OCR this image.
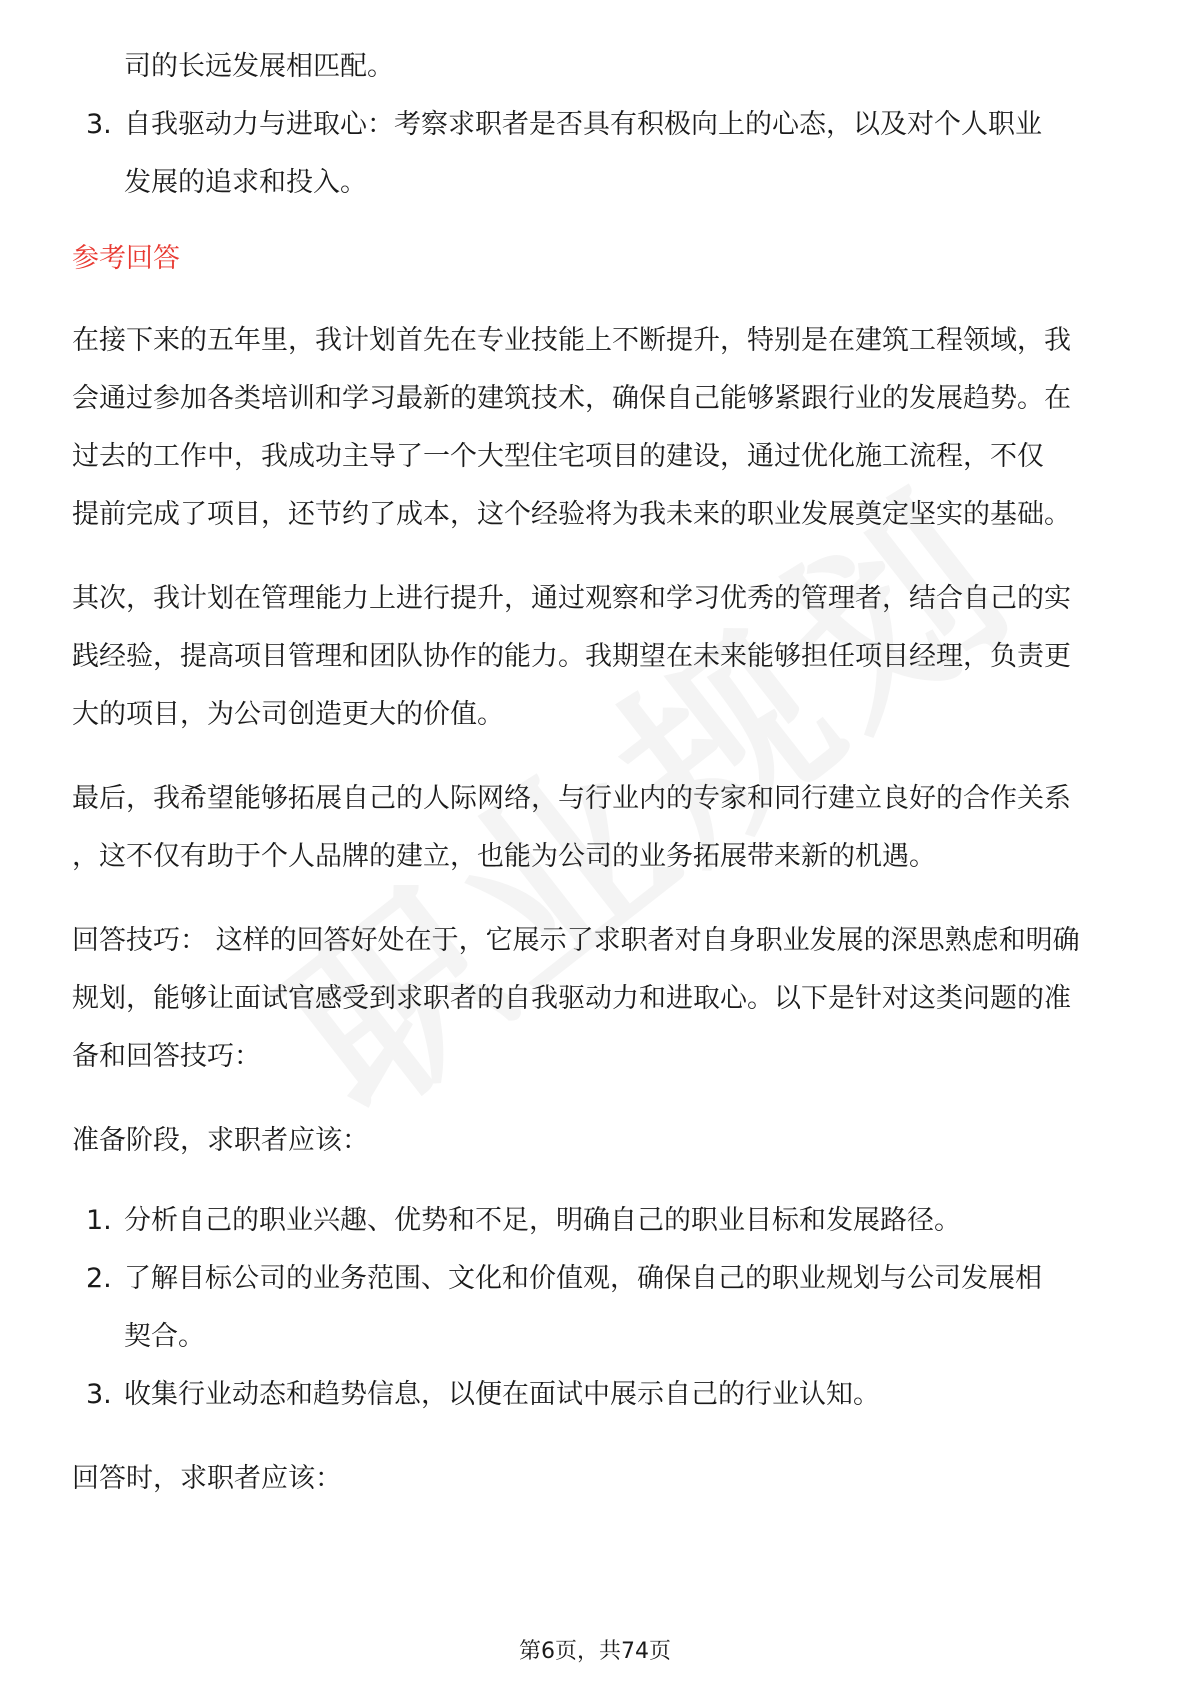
司的长远发展相匹配。
3. 自我驱动力与进取心：考察求职者是否具有积极向上的心态，以及对个人职业
发展的追求和投入。
参考回答
在接下来的五年里，我计划首先在专业技能上不断提升，特别是在建筑工程领域，我
会通过参加各类培训和学习最新的建筑技术，确保自己能够紧跟行业的发展趋势。在
过去的工作中，我成功主导了一个大型住宅项目的建设，通过优化施工流程，不仅
提前完成了项目，还节约了成本，这个经验将为我未来的职业发展奠定坚实的基础。
其次，我计划在管理能力上进行提升，通过观察和学习优秀的管理者，结合自己的实
践经验，提高项目管理和团队协作的能力。我期望在未来能够担任项目经理，负责更
大的项目，为公司创造更大的价值。
最后，我希望能够拓展自己的人际网络，与行业内的专家和同行建立良好的合作关系
，这不仅有助于个人品牌的建立，也能为公司的业务拓展带来新的机遇。
回答技巧： 这样的回答好处在于，它展示了求职者对自身职业发展的深思熟虑和明确
规划，能够让面试官感受到求职者的自我驱动力和进取心。以下是针对这类问题的准
备和回答技巧：
准备阶段，求职者应该：
1. 分析自己的职业兴趣、优势和不足，明确自己的职业目标和发展路径。
2. 了解目标公司的业务范围、文化和价值观，确保自己的职业规划与公司发展相
契合。
3. 收集行业动态和趋势信息，以便在面试中展示自己的行业认知。
回答时，求职者应该：
第6页，共74页
